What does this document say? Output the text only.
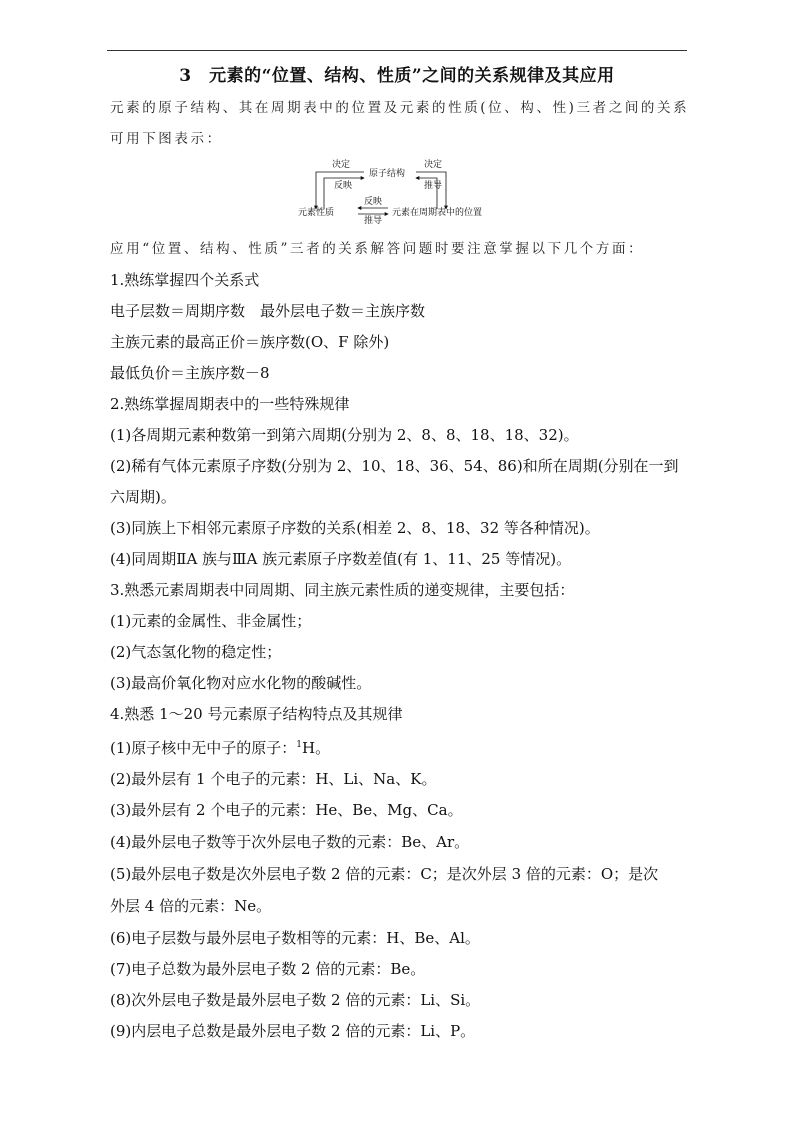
3　元素的“位置、结构、性质”之间的关系规律及其应用
元素的原子结构、其在周期表中的位置及元素的性质(位、构、性)三者之间的关系
可用下图表示：
决定
反映
原子结构
决定
推导
元素性质
反映
推导
元素在周期表中的位置
应用“位置、结构、性质”三者的关系解答问题时要注意掌握以下几个方面：
1.熟练掌握四个关系式
电子层数＝周期序数　最外层电子数＝主族序数
主族元素的最高正价＝族序数(O、F 除外)
最低负价＝主族序数－8
2.熟练掌握周期表中的一些特殊规律
(1)各周期元素种数第一到第六周期(分别为 2、8、8、18、18、32)。
(2)稀有气体元素原子序数(分别为 2、10、18、36、54、86)和所在周期(分别在一到
六周期)。
(3)同族上下相邻元素原子序数的关系(相差 2、8、18、32 等各种情况)。
(4)同周期ⅡA 族与ⅢA 族元素原子序数差值(有 1、11、25 等情况)。
3.熟悉元素周期表中同周期、同主族元素性质的递变规律，主要包括：
(1)元素的金属性、非金属性；
(2)气态氢化物的稳定性；
(3)最高价氧化物对应水化物的酸碱性。
4.熟悉 1～20 号元素原子结构特点及其规律
(1)原子核中无中子的原子：$^1$H。
(2)最外层有 1 个电子的元素：H、Li、Na、K。
(3)最外层有 2 个电子的元素：He、Be、Mg、Ca。
(4)最外层电子数等于次外层电子数的元素：Be、Ar。
(5)最外层电子数是次外层电子数 2 倍的元素：C；是次外层 3 倍的元素：O；是次
外层 4 倍的元素：Ne。
(6)电子层数与最外层电子数相等的元素：H、Be、Al。
(7)电子总数为最外层电子数 2 倍的元素：Be。
(8)次外层电子数是最外层电子数 2 倍的元素：Li、Si。
(9)内层电子总数是最外层电子数 2 倍的元素：Li、P。
